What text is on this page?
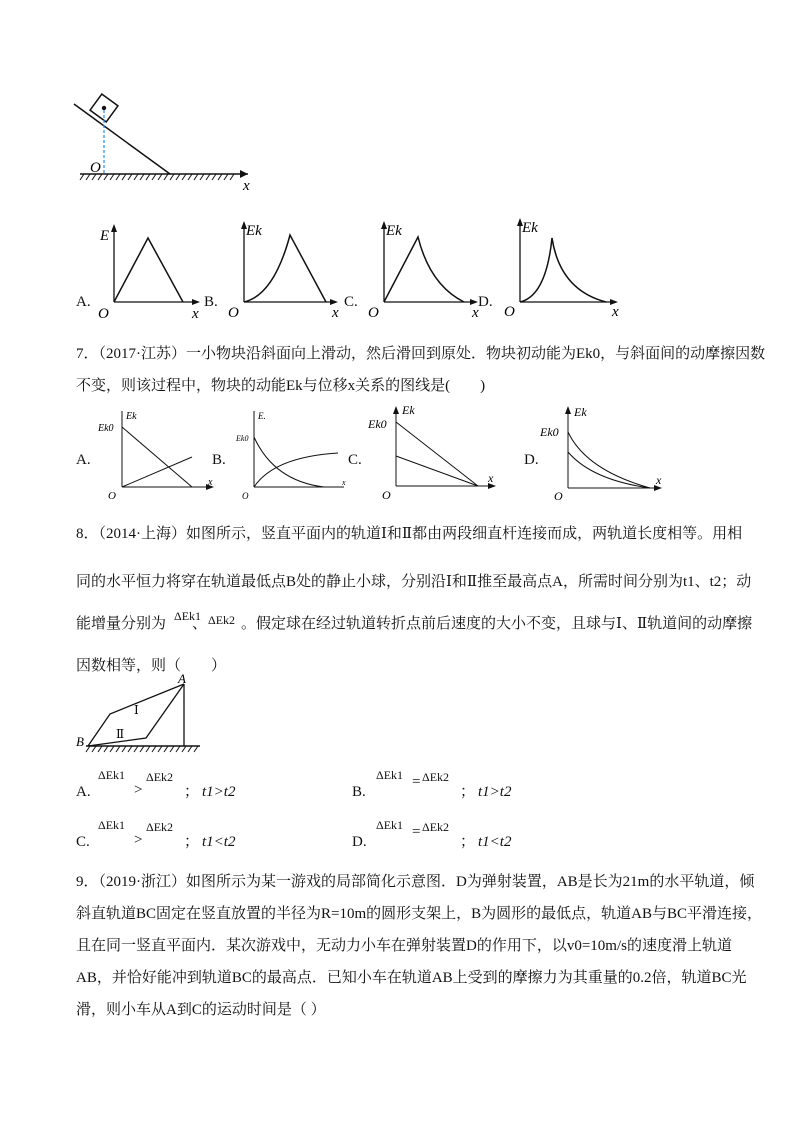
O
x
A.
E
O	x
B.
Ek
O	x
C.
Ek
O	x
D.
Ek
O	x
7．（2017·江苏）一小物块沿斜面向上滑动，然后滑回到原处．物块初动能为Ek0，与斜面间的动摩擦因数
不变，则该过程中，物块的动能Ek与位移x关系的图线是(　　)
A.
Ek
Ek0
O
x
B.
E.
Ek0
O
x
C.
Ek
Ek0
O
x
D.
Ek
Ek0
O
x
8．（2014·上海）如图所示，竖直平面内的轨道Ⅰ和Ⅱ都由两段细直杆连接而成，两轨道长度相等。用相
同的水平恒力将穿在轨道最低点B处的静止小球，分别沿Ⅰ和Ⅱ推至最高点A，所需时间分别为t1、t2；动
能增量分别为 ΔEk1
、 ΔEk2 。假定球在经过轨道转折点前后速度的大小不变，且球与Ⅰ、Ⅱ轨道间的动摩擦
因数相等，则（　　）
A
B
Ⅰ
Ⅱ
A.
ΔEk1
>
ΔEk2
； t1>t2	B.
ΔEk1 = ΔEk2
； t1>t2
C.
ΔEk1
>
ΔEk2
； t1<t2	D.
ΔEk1 = ΔEk2
； t1<t2
9．（2019·浙江）如图所示为某一游戏的局部简化示意图．D为弹射装置，AB是长为21m的水平轨道，倾
斜直轨道BC固定在竖直放置的半径为R=10m的圆形支架上，B为圆形的最低点，轨道AB与BC平滑连接，
且在同一竖直平面内．某次游戏中，无动力小车在弹射装置D的作用下，以v0=10m/s的速度滑上轨道
AB，并恰好能冲到轨道BC的最高点．已知小车在轨道AB上受到的摩擦力为其重量的0.2倍，轨道BC光
滑，则小车从A到C的运动时间是（ ）
